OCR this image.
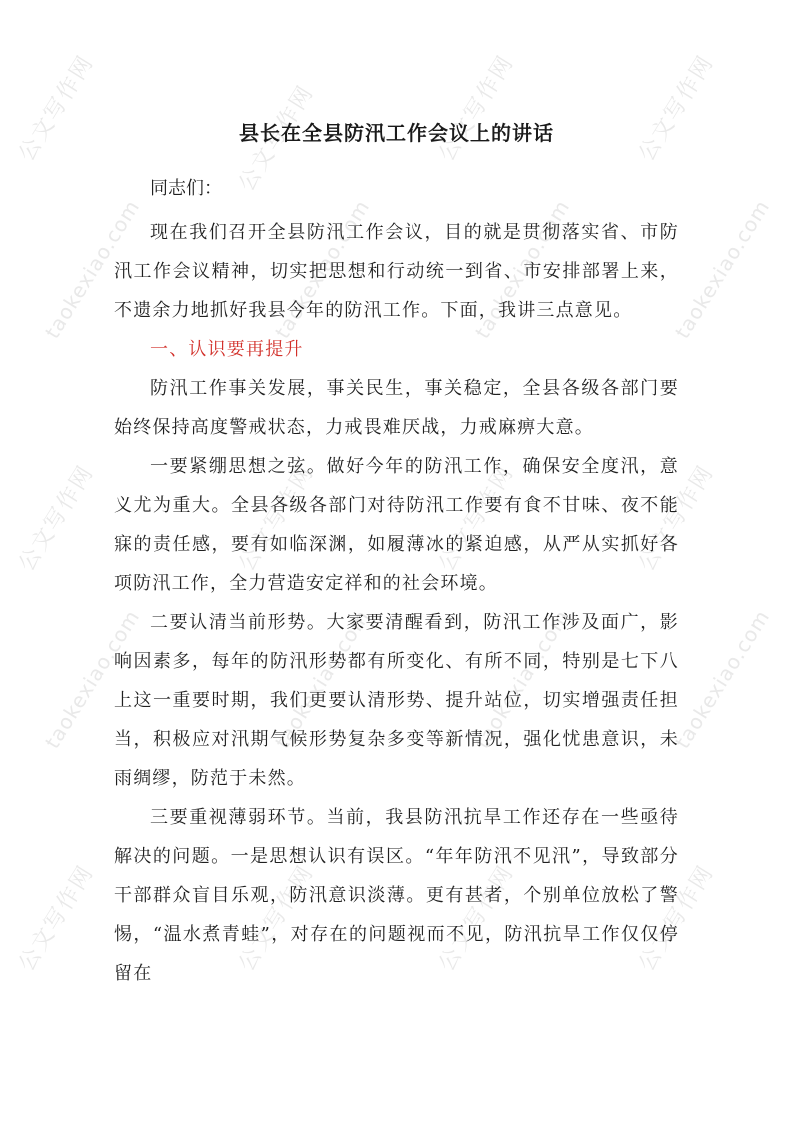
公文写作网
taokexiao.com
公文写作网
taokexiao.com
公文写作网
taokexiao.com
公文写作网
taokexiao.com
公文写作网
taokexiao.com
公文写作网
taokexiao.com
公文写作网
taokexiao.com
公文写作网
taokexiao.com
公文写作网	公文写作网	公文写作网	公文写作网
县长在全县防汛工作会议上的讲话
同志们：

现在我们召开全县防汛工作会议，目的就是贯彻落实省、市防汛工作会议精神，切实把思想和行动统一到省、市安排部署上来，不遗余力地抓好我县今年的防汛工作。下面，我讲三点意见。

一、认识要再提升

防汛工作事关发展，事关民生，事关稳定，全县各级各部门要始终保持高度警戒状态，力戒畏难厌战，力戒麻痹大意。

一要紧绷思想之弦。做好今年的防汛工作，确保安全度汛，意义尤为重大。全县各级各部门对待防汛工作要有食不甘味、夜不能寐的责任感，要有如临深渊，如履薄冰的紧迫感，从严从实抓好各项防汛工作，全力营造安定祥和的社会环境。

二要认清当前形势。大家要清醒看到，防汛工作涉及面广，影响因素多，每年的防汛形势都有所变化、有所不同，特别是七下八上这一重要时期，我们更要认清形势、提升站位，切实增强责任担当，积极应对汛期气候形势复杂多变等新情况，强化忧患意识，未雨绸缪，防范于未然。

三要重视薄弱环节。当前，我县防汛抗旱工作还存在一些亟待解决的问题。一是思想认识有误区。“年年防汛不见汛”，导致部分干部群众盲目乐观，防汛意识淡薄。更有甚者，个别单位放松了警惕，“温水煮青蛙”，对存在的问题视而不见，防汛抗旱工作仅仅停留在
